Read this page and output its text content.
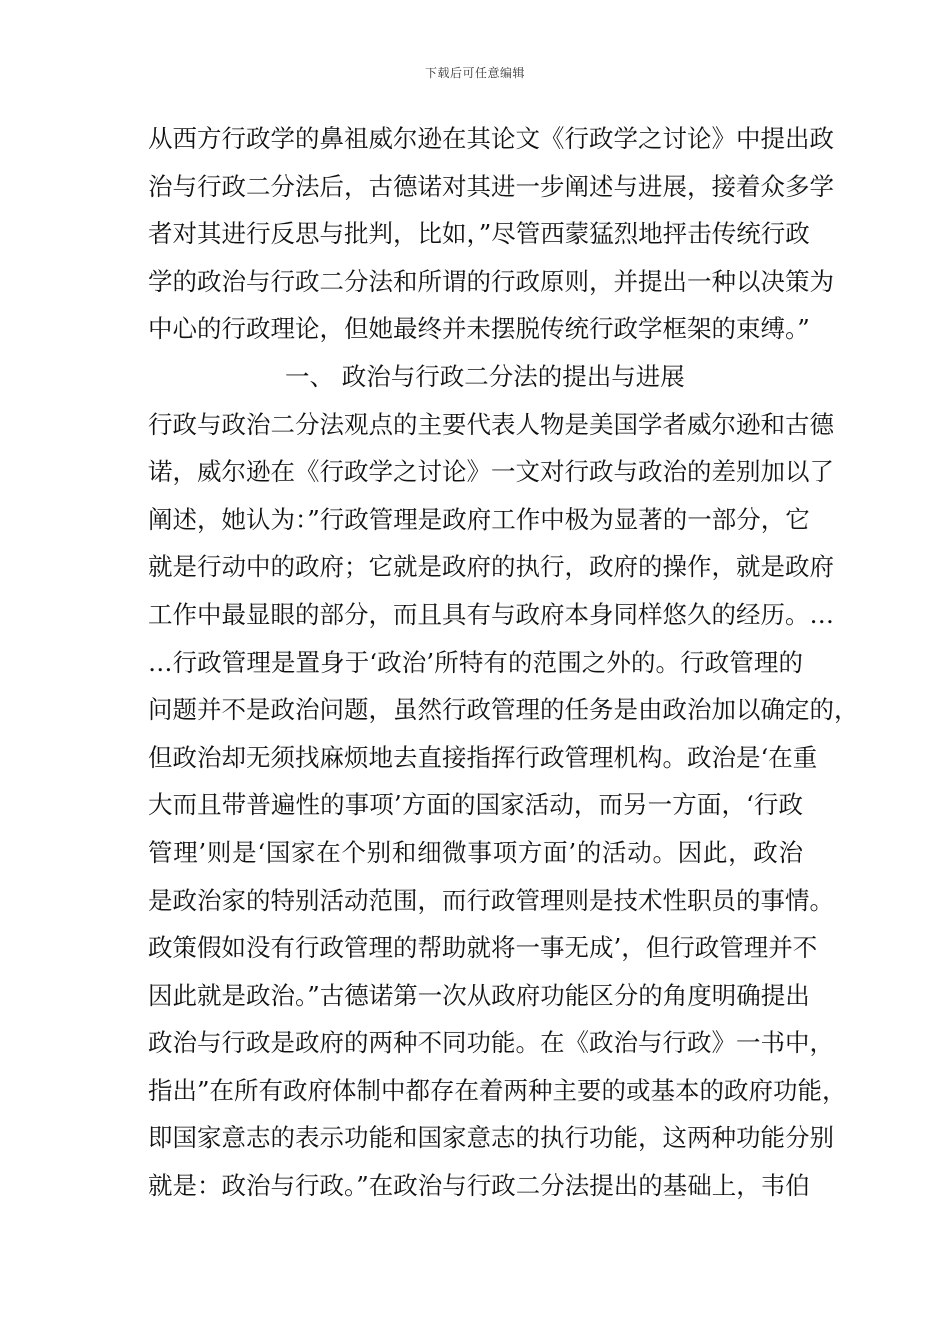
下载后可任意编辑
从西方行政学的鼻祖威尔逊在其论文《行政学之讨论》中提出政
治与行政二分法后，古德诺对其进一步阐述与进展，接着众多学
者对其进行反思与批判，比如，”尽管西蒙猛烈地抨击传统行政
学的政治与行政二分法和所谓的行政原则，并提出一种以决策为
中心的行政理论，但她最终并未摆脱传统行政学框架的束缚。”
一、 政治与行政二分法的提出与进展
行政与政治二分法观点的主要代表人物是美国学者威尔逊和古德
诺，威尔逊在《行政学之讨论》一文对行政与政治的差别加以了
阐述，她认为：”行政管理是政府工作中极为显著的一部分，它
就是行动中的政府；它就是政府的执行，政府的操作，就是政府
工作中最显眼的部分，而且具有与政府本身同样悠久的经历。…
…行政管理是置身于‘政治’所特有的范围之外的。行政管理的
问题并不是政治问题，虽然行政管理的任务是由政治加以确定的，
但政治却无须找麻烦地去直接指挥行政管理机构。政治是‘在重
大而且带普遍性的事项’方面的国家活动，而另一方面，‘行政
管理’则是‘国家在个别和细微事项方面’的活动。因此，政治
是政治家的特别活动范围，而行政管理则是技术性职员的事情。
政策假如没有行政管理的帮助就将一事无成’，但行政管理并不
因此就是政治。”古德诺第一次从政府功能区分的角度明确提出
政治与行政是政府的两种不同功能。在《政治与行政》一书中，
指出”在所有政府体制中都存在着两种主要的或基本的政府功能，
即国家意志的表示功能和国家意志的执行功能，这两种功能分别
就是：政治与行政。”在政治与行政二分法提出的基础上，韦伯
